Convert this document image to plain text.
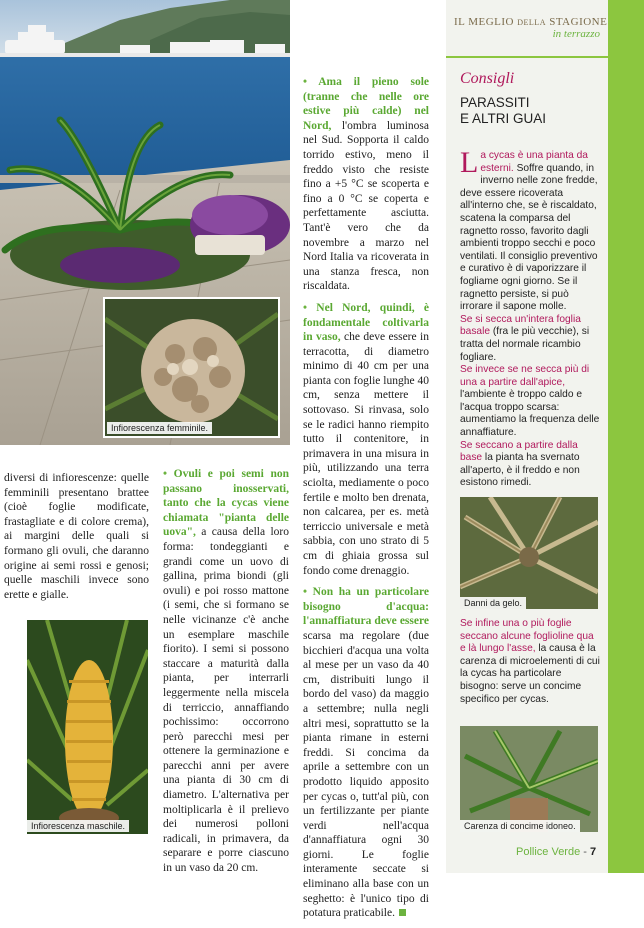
Infiorescenza femminile.

diversi di infiorescenze: quelle femminili presentano brattee (cioè foglie modificate, frastagliate e di colore crema), ai margini delle quali si formano gli ovuli, che daranno origine ai semi rossi e genosi; quelle maschili invece sono erette e gialle.

Infiorescenza maschile.

• Ovuli e poi semi non passano inosservati, tanto che la cycas viene chiamata "pianta delle uova", a causa della loro forma: tondeggianti e grandi come un uovo di gallina, prima biondi (gli ovuli) e poi rosso mattone (i semi, che si formano se nelle vicinanze c'è anche un esemplare maschile fiorito). I semi si possono staccare a maturità dalla pianta, per interrarli leggermente nella miscela di terriccio, annaffiando pochissimo: occorrono però parecchi mesi per ottenere la germinazione e parecchi anni per avere una pianta di 30 cm di diametro. L'alternativa per moltiplicarla è il prelievo dei numerosi polloni radicali, in primavera, da separare e porre ciascuno in un vaso da 20 cm.

• Ama il pieno sole (tranne che nelle ore estive più calde) nel Nord, l'ombra luminosa nel Sud. Sopporta il caldo torrido estivo, meno il freddo visto che resiste fino a +5 °C se scoperta e fino a 0 °C se coperta e perfettamente asciutta. Tant'è vero che da novembre a marzo nel Nord Italia va ricoverata in una stanza fresca, non riscaldata.

• Nel Nord, quindi, è fondamentale coltivarla in vaso, che deve essere in terracotta, di diametro minimo di 40 cm per una pianta con foglie lunghe 40 cm, senza mettere il sottovaso. Si rinvasa, solo se le radici hanno riempito tutto il contenitore, in primavera in una misura in più, utilizzando una terra sciolta, mediamente o poco fertile e molto ben drenata, non calcarea, per es. metà terriccio universale e metà sabbia, con uno strato di 5 cm di ghiaia grossa sul fondo come drenaggio.

• Non ha un particolare bisogno d'acqua: l'annaffiatura deve essere scarsa ma regolare (due bicchieri d'acqua una volta al mese per un vaso da 40 cm, distribuiti lungo il bordo del vaso) da maggio a settembre; nulla negli altri mesi, soprattutto se la pianta rimane in esterni freddi. Si concima da aprile a settembre con un prodotto liquido apposito per cycas o, tutt'al più, con un fertilizzante per piante verdi nell'acqua d'annaffiatura ogni 30 giorni. Le foglie interamente seccate si eliminano alla base con un seghetto: è l'unico tipo di potatura praticabile.

IL MEGLIO DELLA STAGIONE
in terrazzo
Consigli
PARASSITI
E ALTRI GUAI
La cycas è una pianta da esterni. Soffre quando, in inverno nelle zone fredde, deve essere ricoverata all'interno che, se è riscaldato, scatena la comparsa del ragnetto rosso, favorito dagli ambienti troppo secchi e poco ventilati. Il consiglio preventivo e curativo è di vaporizzare il fogliame ogni giorno. Se il ragnetto persiste, si può irrorare il sapone molle.
Se si secca un'intera foglia basale (fra le più vecchie), si tratta del normale ricambio fogliare.
Se invece se ne secca più di una a partire dall'apice, l'ambiente è troppo caldo e l'acqua troppo scarsa: aumentiamo la frequenza delle annaffiature.
Se seccano a partire dalla base la pianta ha svernato all'aperto, è il freddo e non esistono rimedi.
Danni da gelo.
Se infine una o più foglie seccano alcune foglioline qua e là lungo l'asse, la causa è la carenza di microelementi di cui la cycas ha particolare bisogno: serve un concime specifico per cycas.
Carenza di concime idoneo.
Pollice Verde - 7
